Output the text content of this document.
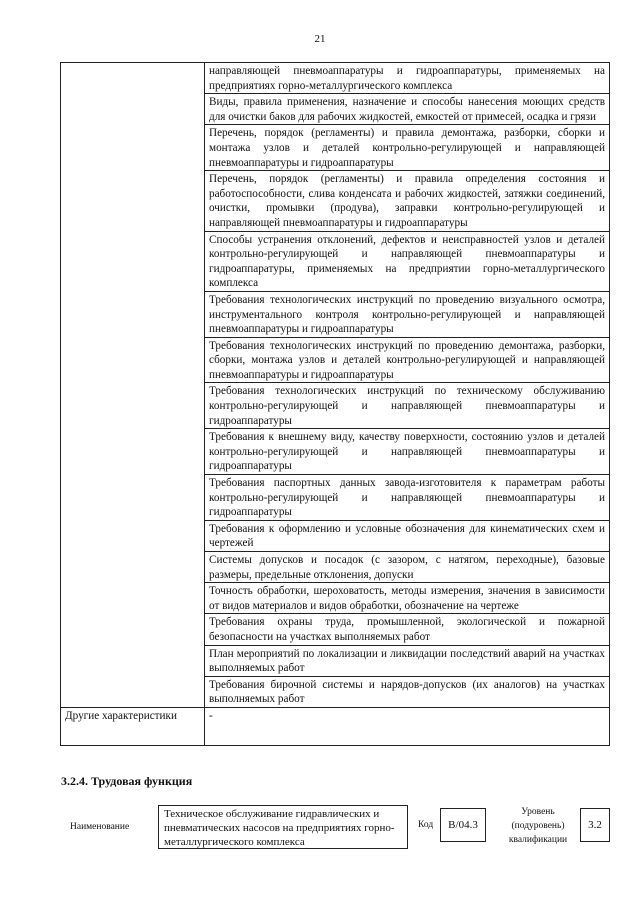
21
	направляющей пневмоаппаратуры и гидроаппаратуры, применяемых на предприятиях горно-металлургического комплекса
	Виды, правила применения, назначение и способы нанесения моющих средств для очистки баков для рабочих жидкостей, емкостей от примесей, осадка и грязи
	Перечень, порядок (регламенты) и правила демонтажа, разборки, сборки и монтажа узлов и деталей контрольно-регулирующей и направляющей пневмоаппаратуры и гидроаппаратуры
	Перечень, порядок (регламенты) и правила определения состояния и работоспособности, слива конденсата и рабочих жидкостей, затяжки соединений, очистки, промывки (продува), заправки контрольно-регулирующей и направляющей пневмоаппаратуры и гидроаппаратуры
	Способы устранения отклонений, дефектов и неисправностей узлов и деталей контрольно-регулирующей и направляющей пневмоаппаратуры и гидроаппаратуры, применяемых на предприятии горно-металлургического комплекса
	Требования технологических инструкций по проведению визуального осмотра, инструментального контроля контрольно-регулирующей и направляющей пневмоаппаратуры и гидроаппаратуры
	Требования технологических инструкций по проведению демонтажа, разборки, сборки, монтажа узлов и деталей контрольно-регулирующей и направляющей пневмоаппаратуры и гидроаппаратуры
	Требования технологических инструкций по техническому обслуживанию контрольно-регулирующей и направляющей пневмоаппаратуры и гидроаппаратуры
	Требования к внешнему виду, качеству поверхности, состоянию узлов и деталей контрольно-регулирующей и направляющей пневмоаппаратуры и гидроаппаратуры
	Требования паспортных данных завода-изготовителя к параметрам работы контрольно-регулирующей и направляющей пневмоаппаратуры и гидроаппаратуры
	Требования к оформлению и условные обозначения для кинематических схем и чертежей
	Системы допусков и посадок (с зазором, с натягом, переходные), базовые размеры, предельные отклонения, допуски
	Точность обработки, шероховатость, методы измерения, значения в зависимости от видов материалов и видов обработки, обозначение на чертеже
	Требования охраны труда, промышленной, экологической и пожарной безопасности на участках выполняемых работ
	План мероприятий по локализации и ликвидации последствий аварий на участках выполняемых работ
	Требования бирочной системы и нарядов-допусков (их аналогов) на участках выполняемых работ
Другие характеристики	-
3.2.4. Трудовая функция
Наименование
Техническое обслуживание гидравлических и пневматических насосов на предприятиях горно-металлургического комплекса
Код	B/04.3
Уровень (подуровень) квалификации
3.2
